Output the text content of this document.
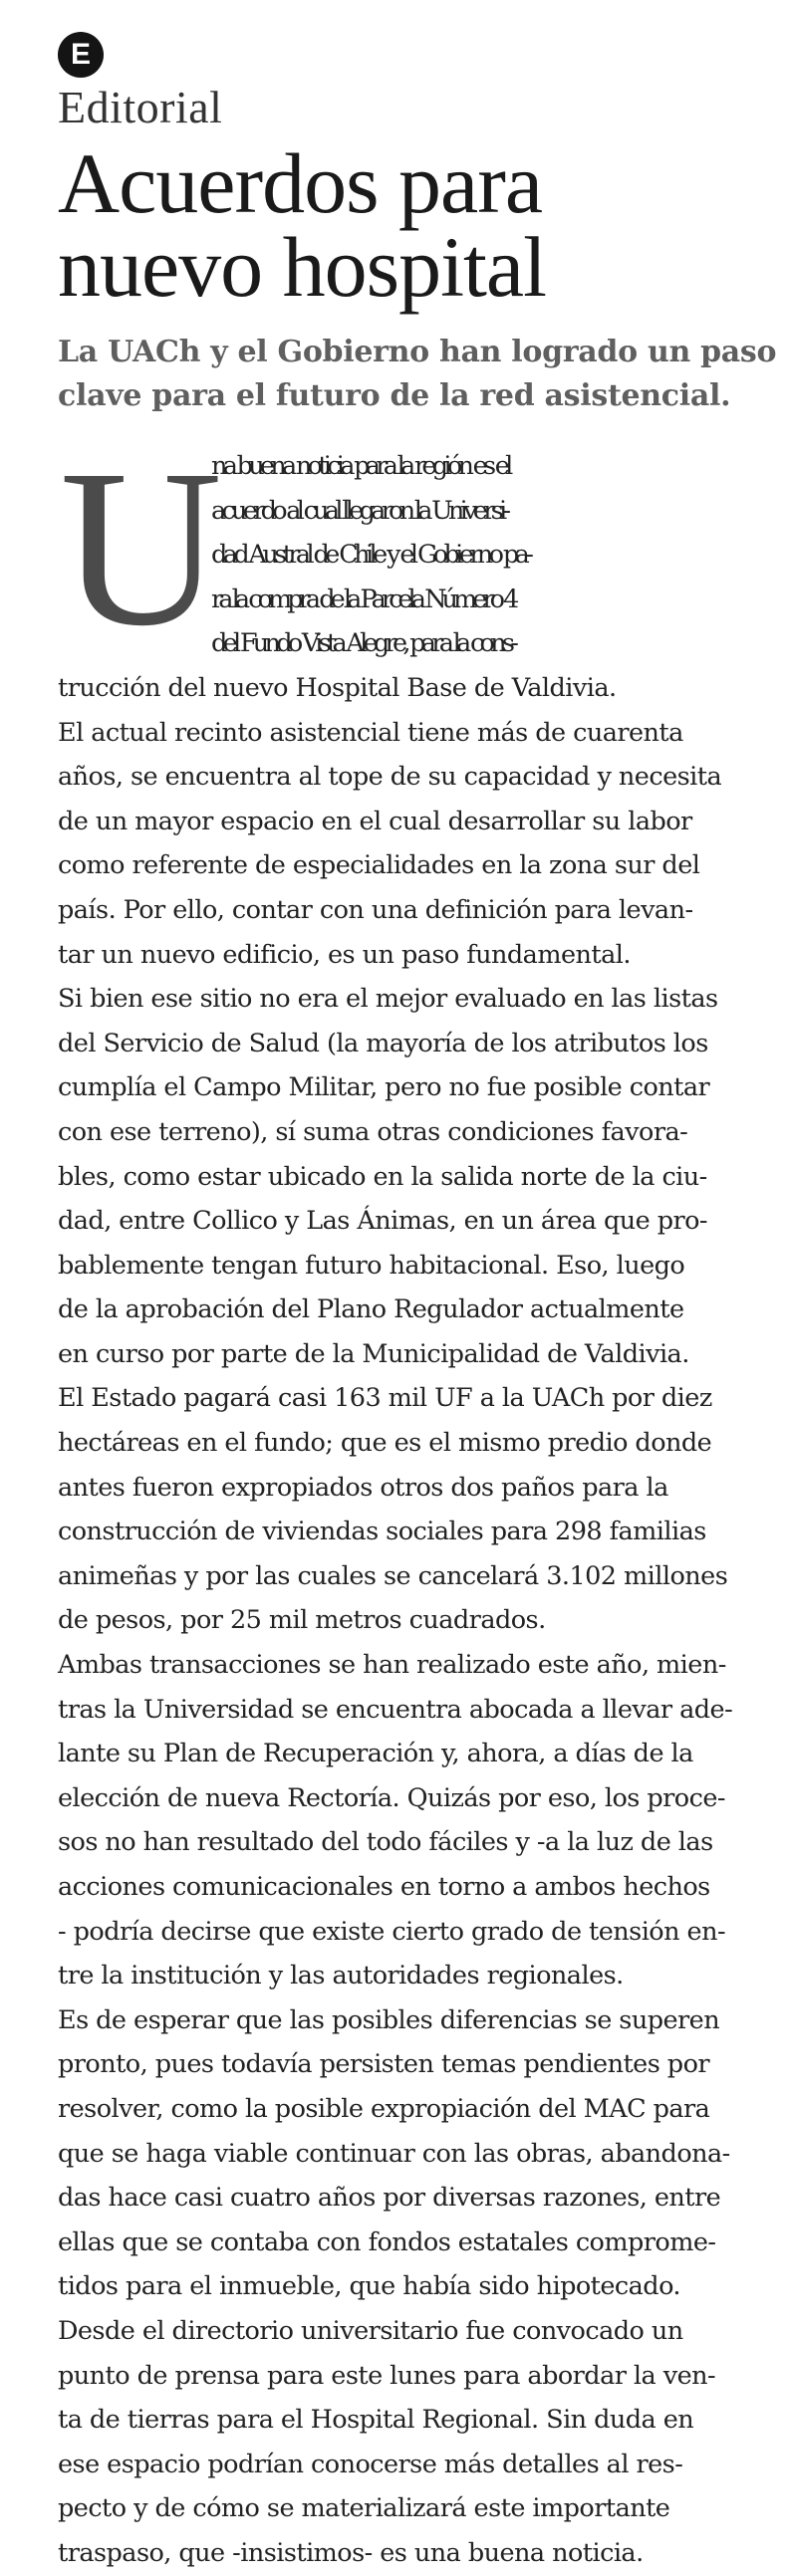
E
Editorial
Acuerdos para
nuevo hospital
La UACh y el Gobierno han logrado un paso
clave para el futuro de la red asistencial.
U
na buena noticia para la región es el
acuerdo al cual llegaron la Universi-
dad Austral de Chile y el Gobierno pa-
ra la compra de la Parcela Número 4
del Fundo Vista Alegre, para la cons-
trucción del nuevo Hospital Base de Valdivia.
El actual recinto asistencial tiene más de cuarenta
años, se encuentra al tope de su capacidad y necesita
de un mayor espacio en el cual desarrollar su labor
como referente de especialidades en la zona sur del
país. Por ello, contar con una definición para levan-
tar un nuevo edificio, es un paso fundamental.
Si bien ese sitio no era el mejor evaluado en las listas
del Servicio de Salud (la mayoría de los atributos los
cumplía el Campo Militar, pero no fue posible contar
con ese terreno), sí suma otras condiciones favora-
bles, como estar ubicado en la salida norte de la ciu-
dad, entre Collico y Las Ánimas, en un área que pro-
bablemente tengan futuro habitacional. Eso, luego
de la aprobación del Plano Regulador actualmente
en curso por parte de la Municipalidad de Valdivia.
El Estado pagará casi 163 mil UF a la UACh por diez
hectáreas en el fundo; que es el mismo predio donde
antes fueron expropiados otros dos paños para la
construcción de viviendas sociales para 298 familias
animeñas y por las cuales se cancelará 3.102 millones
de pesos, por 25 mil metros cuadrados.
Ambas transacciones se han realizado este año, mien-
tras la Universidad se encuentra abocada a llevar ade-
lante su Plan de Recuperación y, ahora, a días de la
elección de nueva Rectoría. Quizás por eso, los proce-
sos no han resultado del todo fáciles y -a la luz de las
acciones comunicacionales en torno a ambos hechos
- podría decirse que existe cierto grado de tensión en-
tre la institución y las autoridades regionales.
Es de esperar que las posibles diferencias se superen
pronto, pues todavía persisten temas pendientes por
resolver, como la posible expropiación del MAC para
que se haga viable continuar con las obras, abandona-
das hace casi cuatro años por diversas razones, entre
ellas que se contaba con fondos estatales comprome-
tidos para el inmueble, que había sido hipotecado.
Desde el directorio universitario fue convocado un
punto de prensa para este lunes para abordar la ven-
ta de tierras para el Hospital Regional. Sin duda en
ese espacio podrían conocerse más detalles al res-
pecto y de cómo se materializará este importante
traspaso, que -insistimos- es una buena noticia.
